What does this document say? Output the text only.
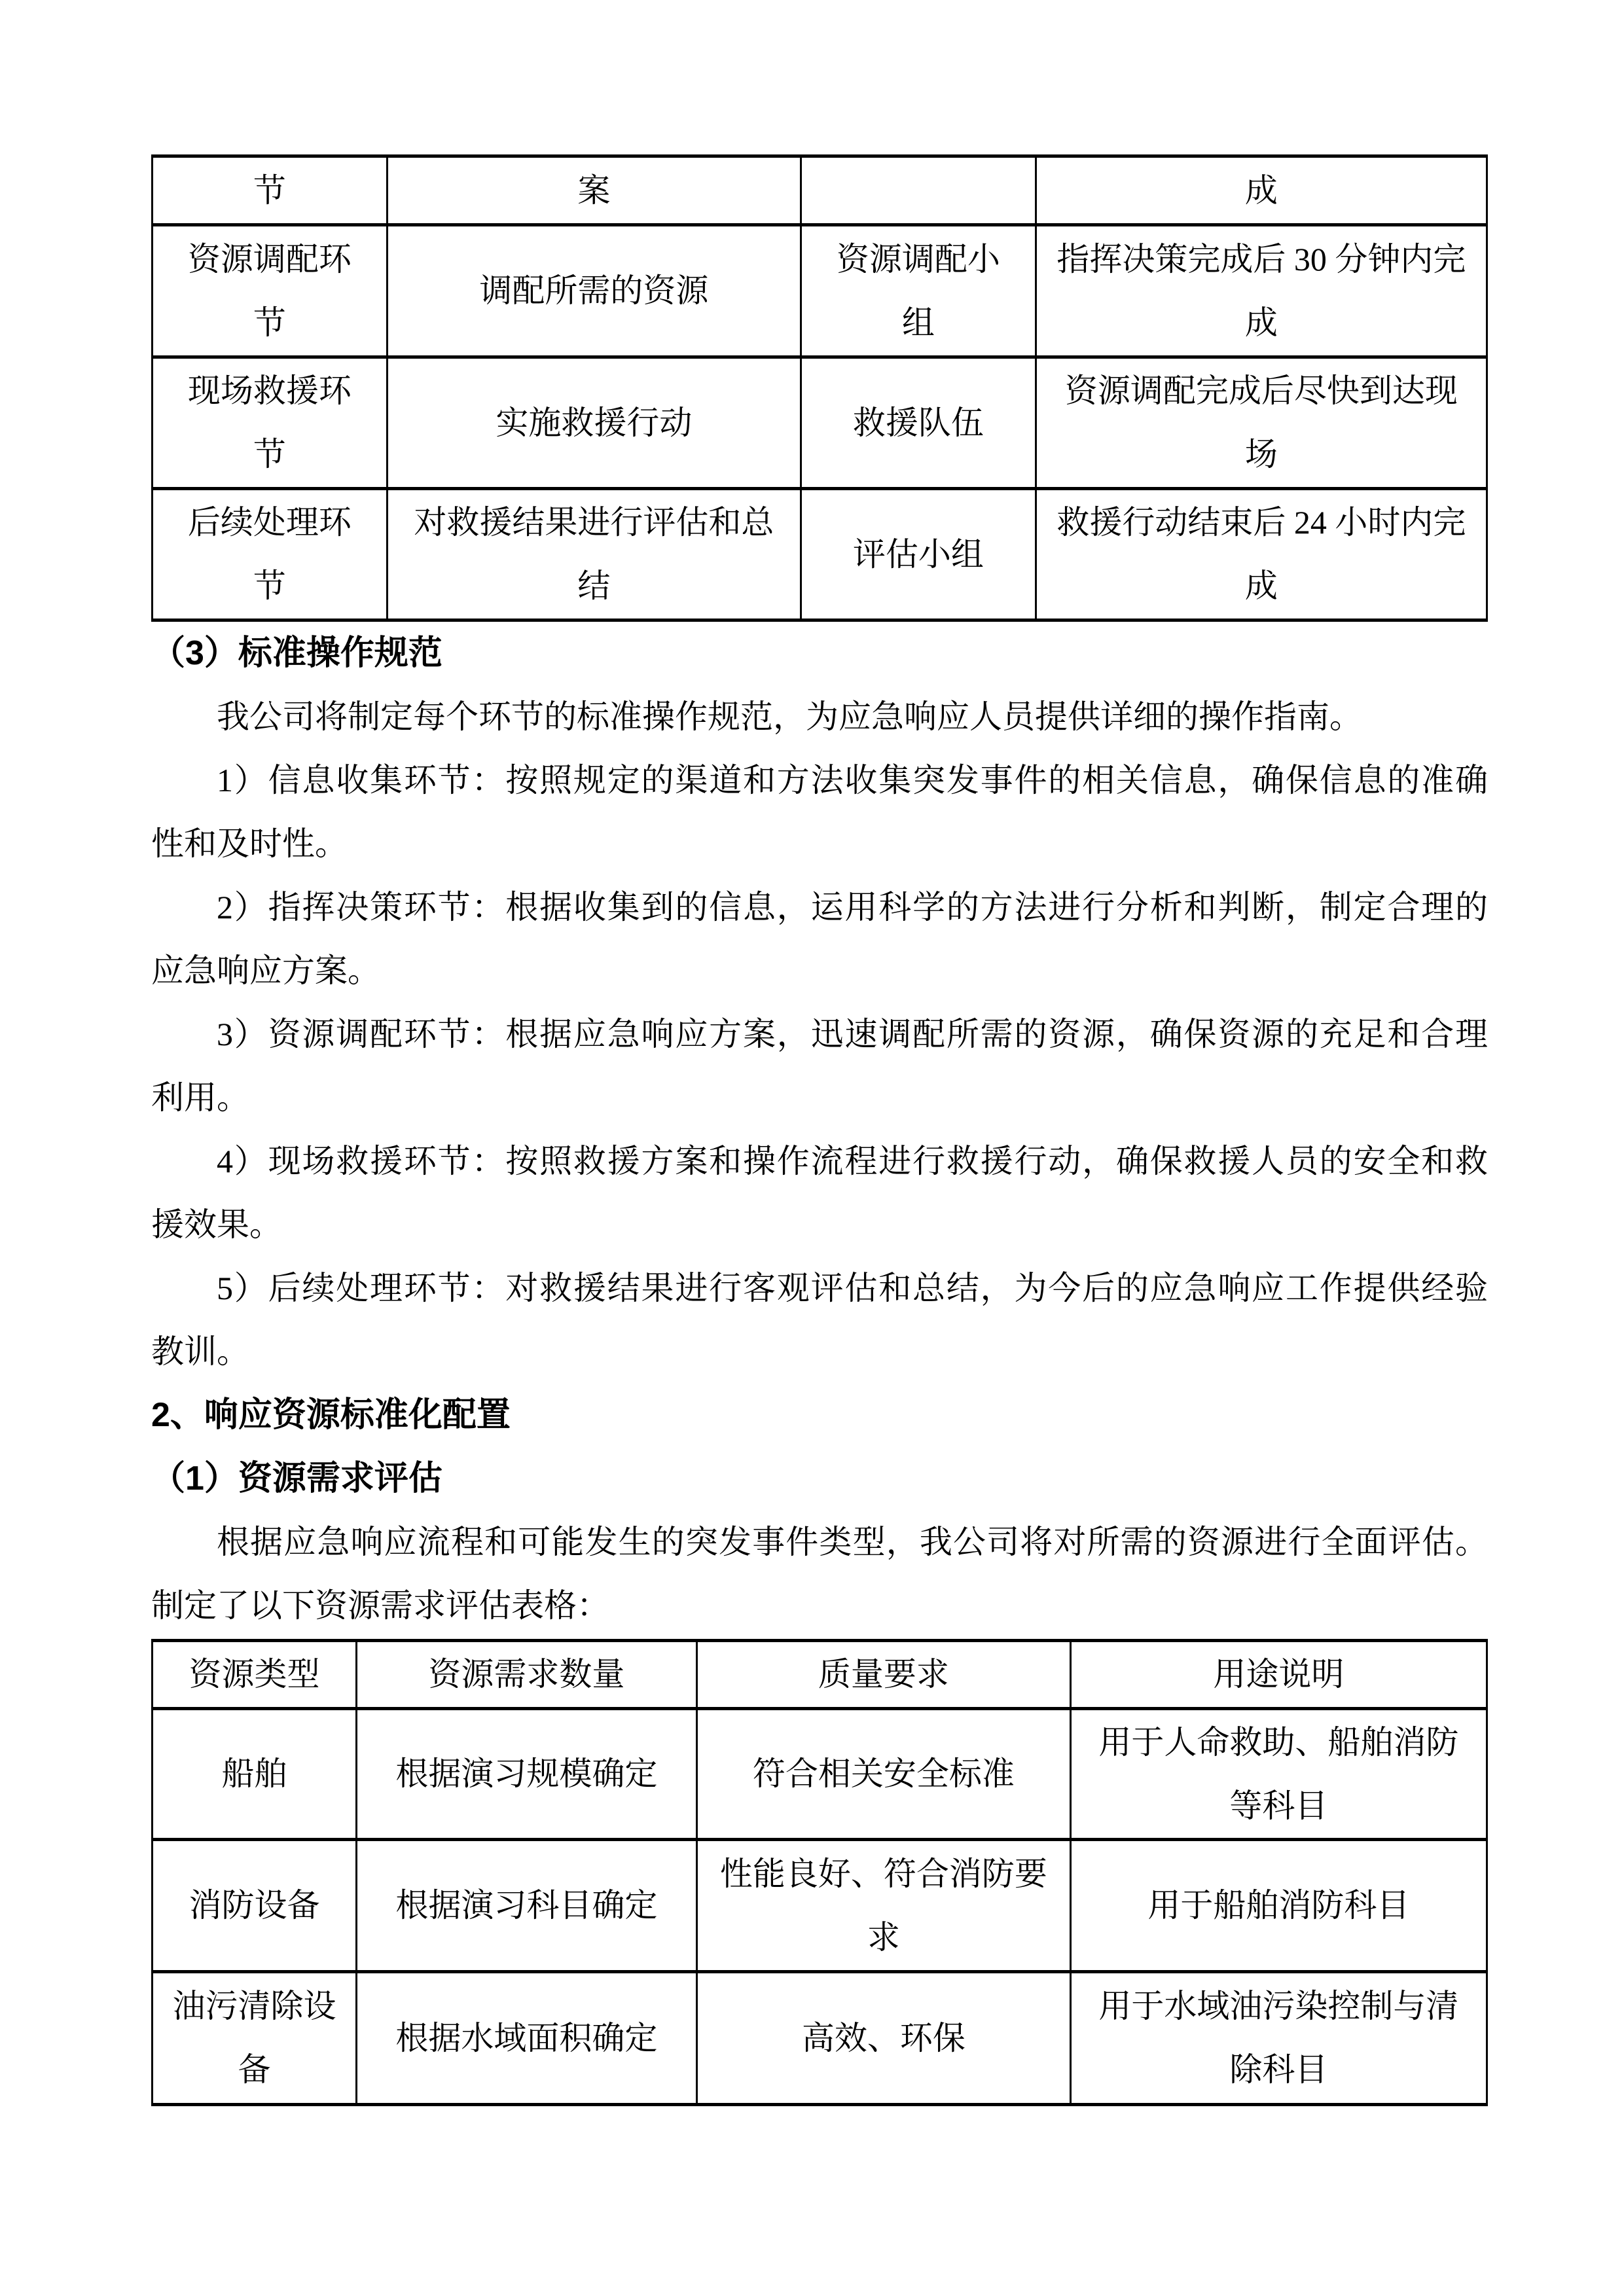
节	案		成
资源调配环节	调配所需的资源	资源调配小组	指挥决策完成后 30 分钟内完成
现场救援环节	实施救援行动	救援队伍	资源调配完成后尽快到达现场
后续处理环节	对救援结果进行评估和总结	评估小组	救援行动结束后 24 小时内完成
（3）标准操作规范
我公司将制定每个环节的标准操作规范，为应急响应人员提供详细的操作指南。
1）信息收集环节：按照规定的渠道和方法收集突发事件的相关信息，确保信息的准确
性和及时性。
2）指挥决策环节：根据收集到的信息，运用科学的方法进行分析和判断，制定合理的
应急响应方案。
3）资源调配环节：根据应急响应方案，迅速调配所需的资源，确保资源的充足和合理
利用。
4）现场救援环节：按照救援方案和操作流程进行救援行动，确保救援人员的安全和救
援效果。
5）后续处理环节：对救援结果进行客观评估和总结，为今后的应急响应工作提供经验
教训。
2、响应资源标准化配置
（1）资源需求评估
根据应急响应流程和可能发生的突发事件类型，我公司将对所需的资源进行全面评估。
制定了以下资源需求评估表格：
资源类型	资源需求数量	质量要求	用途说明
船舶	根据演习规模确定	符合相关安全标准	用于人命救助、船舶消防等科目
消防设备	根据演习科目确定	性能良好、符合消防要求	用于船舶消防科目
油污清除设备	根据水域面积确定	高效、环保	用于水域油污染控制与清除科目
